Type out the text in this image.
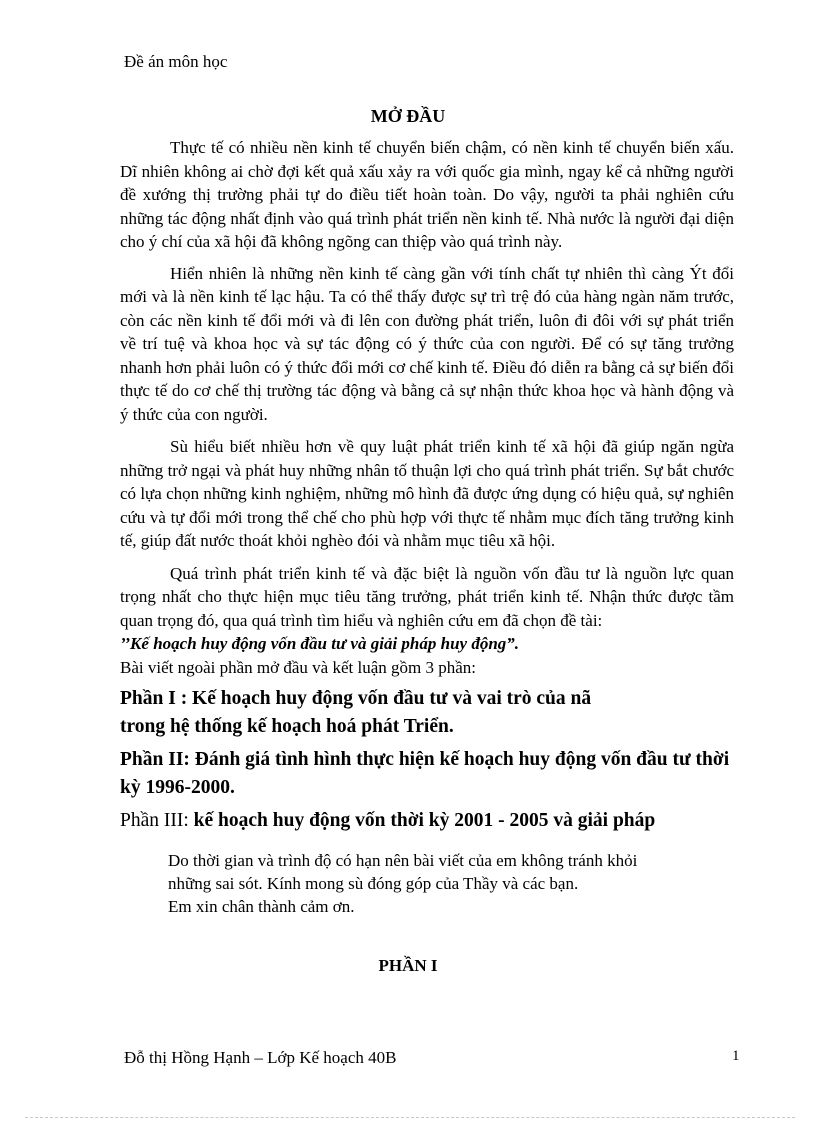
Đề án môn học
MỞ ĐẦU

Thực tế có nhiều nền kinh tế chuyển biến chậm, có nền kinh tế chuyển biến xấu. Dĩ nhiên không ai chờ đợi kết quả xấu xảy ra với quốc gia mình, ngay kể cả những người đề xướng thị trường phải tự do điều tiết hoàn toàn. Do vậy, người ta phải nghiên cứu những tác động nhất định vào quá trình phát triển nền kinh tế. Nhà nước là người đại diện cho ý chí của xã hội đã không ngõng can thiệp vào quá trình này.

Hiển nhiên là những nền kinh tế càng gần với tính chất tự nhiên thì càng Ýt đổi mới và là nền kinh tế lạc hậu. Ta có thể thấy được sự trì trệ đó của hàng ngàn năm trước, còn các nền kinh tế đổi mới và đi lên con đường phát triển, luôn đi đôi với sự phát triển về trí tuệ và khoa học và sự tác động có ý thức của con người. Để có sự tăng trưởng nhanh hơn phải luôn có ý thức đổi mới cơ chế kinh tế. Điều đó diễn ra bằng cả sự biến đổi thực tế do cơ chế thị trường tác động và bằng cả sự nhận thức khoa học và hành động và ý thức của con người.

Sù hiểu biết nhiều hơn về quy luật phát triển kinh tế xã hội đã giúp ngăn ngừa những trở ngại và phát huy những nhân tố thuận lợi cho quá trình phát triển. Sự bắt chước có lựa chọn những kinh nghiệm, những mô hình đã được ứng dụng có hiệu quả, sự nghiên cứu và tự đổi mới trong thể chế cho phù hợp với thực tế nhằm mục đích tăng trưởng kinh tế, giúp đất nước thoát khỏi nghèo đói và nhằm mục tiêu xã hội.

Quá trình phát triển kinh tế và đặc biệt là nguồn vốn đầu tư là nguồn lực quan trọng nhất cho thực hiện mục tiêu tăng trưởng, phát triển kinh tế. Nhận thức được tầm quan trọng đó, qua quá trình tìm hiểu và nghiên cứu em đã chọn đề tài:

’’Kế hoạch huy động vốn đầu tư và giải pháp huy động”.

Bài viết ngoài phần mở đầu và kết luận gồm 3 phần:

Phần I : Kế hoạch huy động vốn đầu tư và vai trò của nã
trong hệ thống kế hoạch hoá phát Triển.
Phần II: Đánh giá tình hình thực hiện kế hoạch huy động vốn đầu tư thời kỳ 1996-2000.
Phần III: kế hoạch huy động vốn thời kỳ 2001 - 2005 và giải pháp
Do thời gian và trình độ có hạn nên bài viết của em không tránh khỏi
những sai sót. Kính mong sù đóng góp của Thầy và các bạn.
Em xin chân thành cảm ơn.
PHẦN I
Đỗ thị Hồng Hạnh – Lớp Kế hoạch 40B	1
